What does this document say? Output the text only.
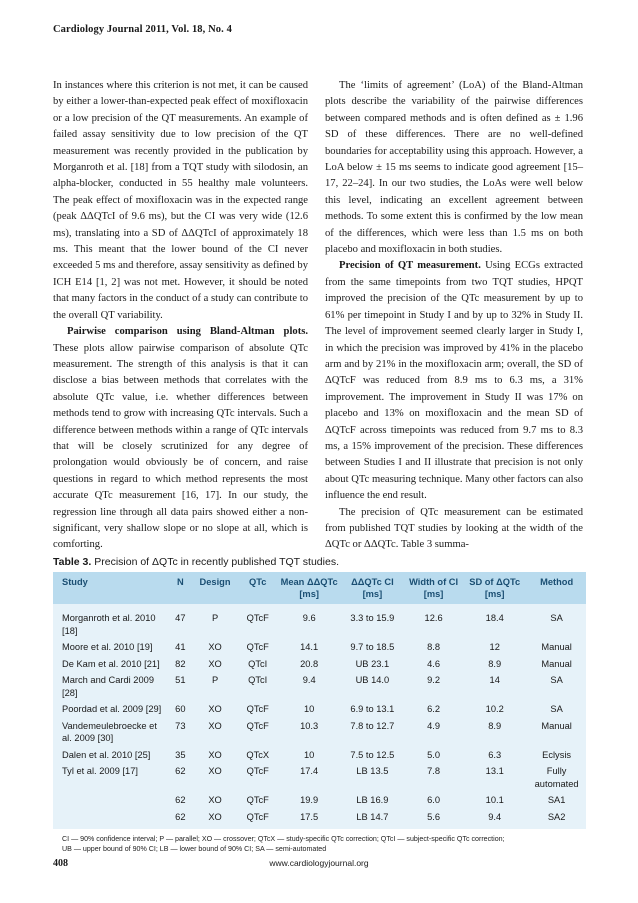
Cardiology Journal 2011, Vol. 18, No. 4

In instances where this criterion is not met, it can be caused by either a lower-than-expected peak effect of moxifloxacin or a low precision of the QT measurements. An example of failed assay sensitivity due to low precision of the QT measurement was recently provided in the publication by Morganroth et al. [18] from a TQT study with silodosin, an alpha-blocker, conducted in 55 healthy male volunteers. The peak effect of moxifloxacin was in the expected range (peak ΔΔQTcI of 9.6 ms), but the CI was very wide (12.6 ms), translating into a SD of ΔΔQTcI of approximately 18 ms. This meant that the lower bound of the CI never exceeded 5 ms and therefore, assay sensitivity as defined by ICH E14 [1, 2] was not met. However, it should be noted that many factors in the conduct of a study can contribute to the overall QT variability.

Pairwise comparison using Bland-Altman plots. These plots allow pairwise comparison of absolute QTc measurement. The strength of this analysis is that it can disclose a bias between methods that correlates with the absolute QTc value, i.e. whether differences between methods tend to grow with increasing QTc intervals. Such a difference between methods within a range of QTc intervals that will be closely scrutinized for any degree of prolongation would obviously be of concern, and raise questions in regard to which method represents the most accurate QTc measurement [16, 17]. In our study, the regression line through all data pairs showed either a non-significant, very shallow slope or no slope at all, which is comforting.

The ‘limits of agreement’ (LoA) of the Bland-Altman plots describe the variability of the pairwise differences between compared methods and is often defined as ± 1.96 SD of these differences. There are no well-defined boundaries for acceptability using this approach. However, a LoA below ± 15 ms seems to indicate good agreement [15–17, 22–24]. In our two studies, the LoAs were well below this level, indicating an excellent agreement between methods. To some extent this is confirmed by the low mean of the differences, which were less than 1.5 ms on both placebo and moxifloxacin in both studies.

Precision of QT measurement. Using ECGs extracted from the same timepoints from two TQT studies, HPQT improved the precision of the QTc measurement by up to 61% per timepoint in Study I and by up to 32% in Study II. The level of improvement seemed clearly larger in Study I, in which the precision was improved by 41% in the placebo arm and by 21% in the moxifloxacin arm; overall, the SD of ΔQTcF was reduced from 8.9 ms to 6.3 ms, a 31% improvement. The improvement in Study II was 17% on placebo and 13% on moxifloxacin and the mean SD of ΔQTcF across timepoints was reduced from 9.7 ms to 8.3 ms, a 15% improvement of the precision. These differences between Studies I and II illustrate that precision is not only about QTc measuring technique. Many other factors can also influence the end result.

The precision of QTc measurement can be estimated from published TQT studies by looking at the width of the ΔQTc or ΔΔQTc. Table 3 summa-

Table 3. Precision of ΔQTc in recently published TQT studies.
Study	N	Design	QTc	Mean ΔΔQTc [ms]	ΔΔQTc CI [ms]	Width of CI [ms]	SD of ΔQTc [ms]	Method
Morganroth et al. 2010 [18]	47	P	QTcF	9.6	3.3 to 15.9	12.6	18.4	SA
Moore et al. 2010 [19]	41	XO	QTcF	14.1	9.7 to 18.5	8.8	12	Manual
De Kam et al. 2010 [21]	82	XO	QTcI	20.8	UB 23.1	4.6	8.9	Manual
March and Cardi 2009 [28]	51	P	QTcI	9.4	UB 14.0	9.2	14	SA
Poordad et al. 2009 [29]	60	XO	QTcF	10	6.9 to 13.1	6.2	10.2	SA
Vandemeulebroecke et al. 2009 [30]	73	XO	QTcF	10.3	7.8 to 12.7	4.9	8.9	Manual
Dalen et al. 2010 [25]	35	XO	QTcX	10	7.5 to 12.5	5.0	6.3	Eclysis
Tyl et al. 2009 [17]	62	XO	QTcF	17.4	LB 13.5	7.8	13.1	Fully automated
	62	XO	QTcF	19.9	LB 16.9	6.0	10.1	SA1
	62	XO	QTcF	17.5	LB 14.7	5.6	9.4	SA2
CI — 90% confidence interval; P — parallel; XO — crossover; QTcX — study-specific QTc correction; QTcI — subject-specific QTc correction;
UB — upper bound of 90% CI; LB — lower bound of 90% CI; SA — semi-automated
408	www.cardiologyjournal.org
